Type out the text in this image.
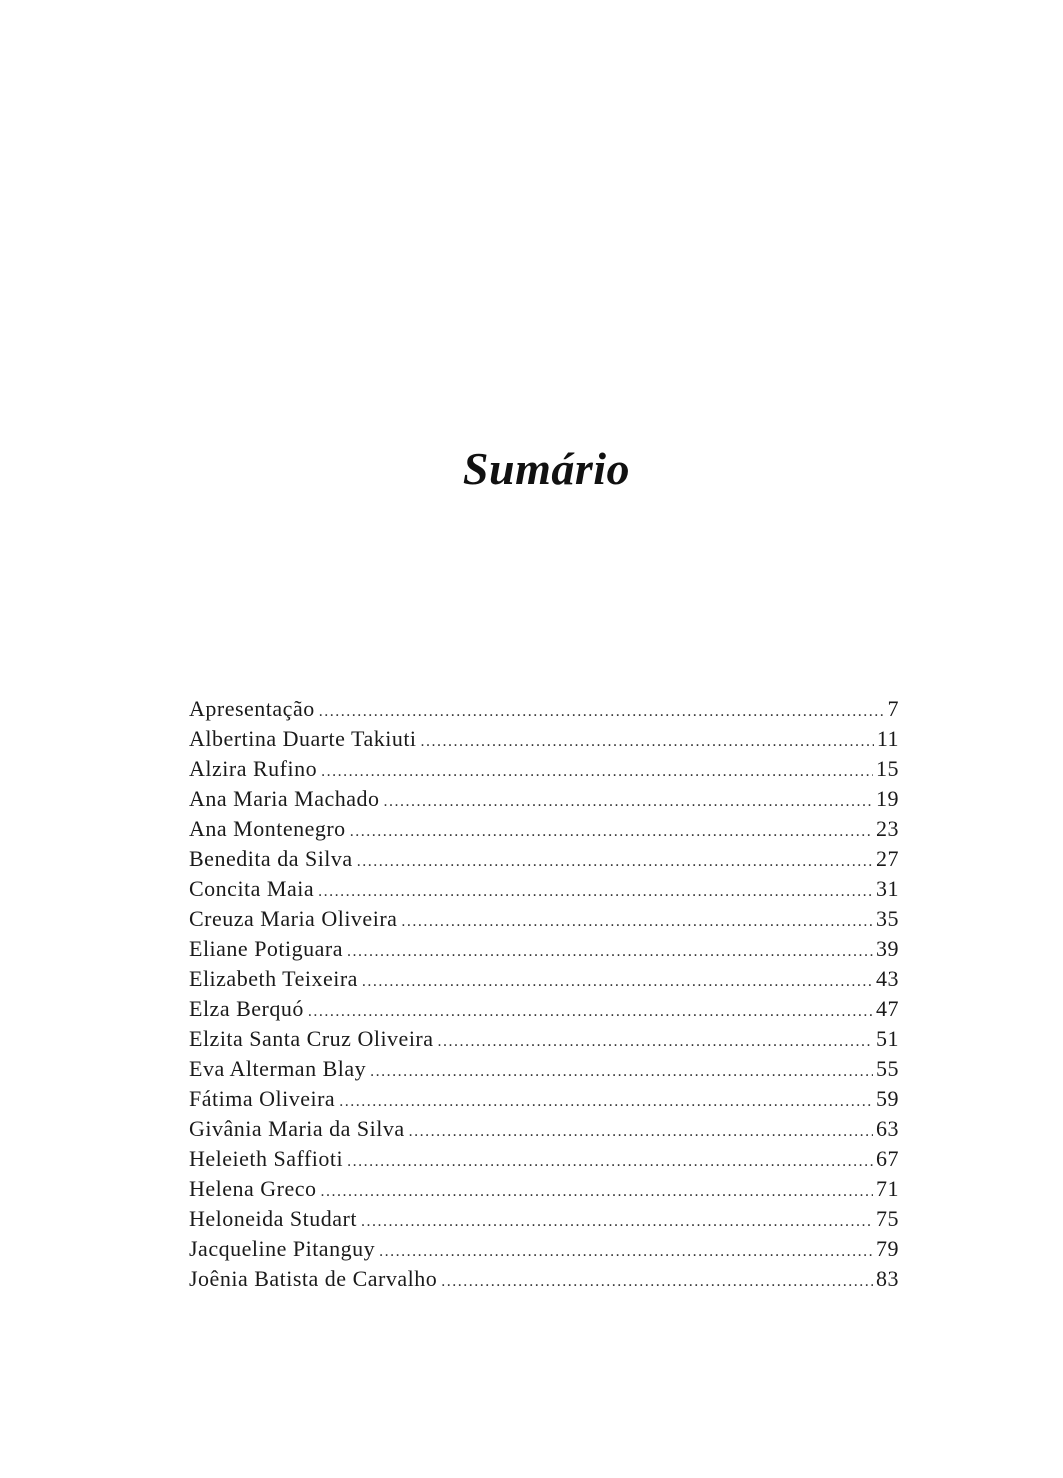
Sumário
Apresentação .....	7
Albertina Duarte Takiuti .....	11
Alzira Rufino .....	15
Ana Maria Machado .....	19
Ana Montenegro .....	23
Benedita da Silva .....	27
Concita Maia .....	31
Creuza Maria Oliveira .....	35
Eliane Potiguara .....	39
Elizabeth Teixeira .....	43
Elza Berquó .....	47
Elzita Santa Cruz Oliveira .....	51
Eva Alterman Blay .....	55
Fátima Oliveira .....	59
Givânia Maria da Silva .....	63
Heleieth Saffioti .....	67
Helena Greco .....	71
Heloneida Studart .....	75
Jacqueline Pitanguy .....	79
Joênia Batista de Carvalho .....	83
